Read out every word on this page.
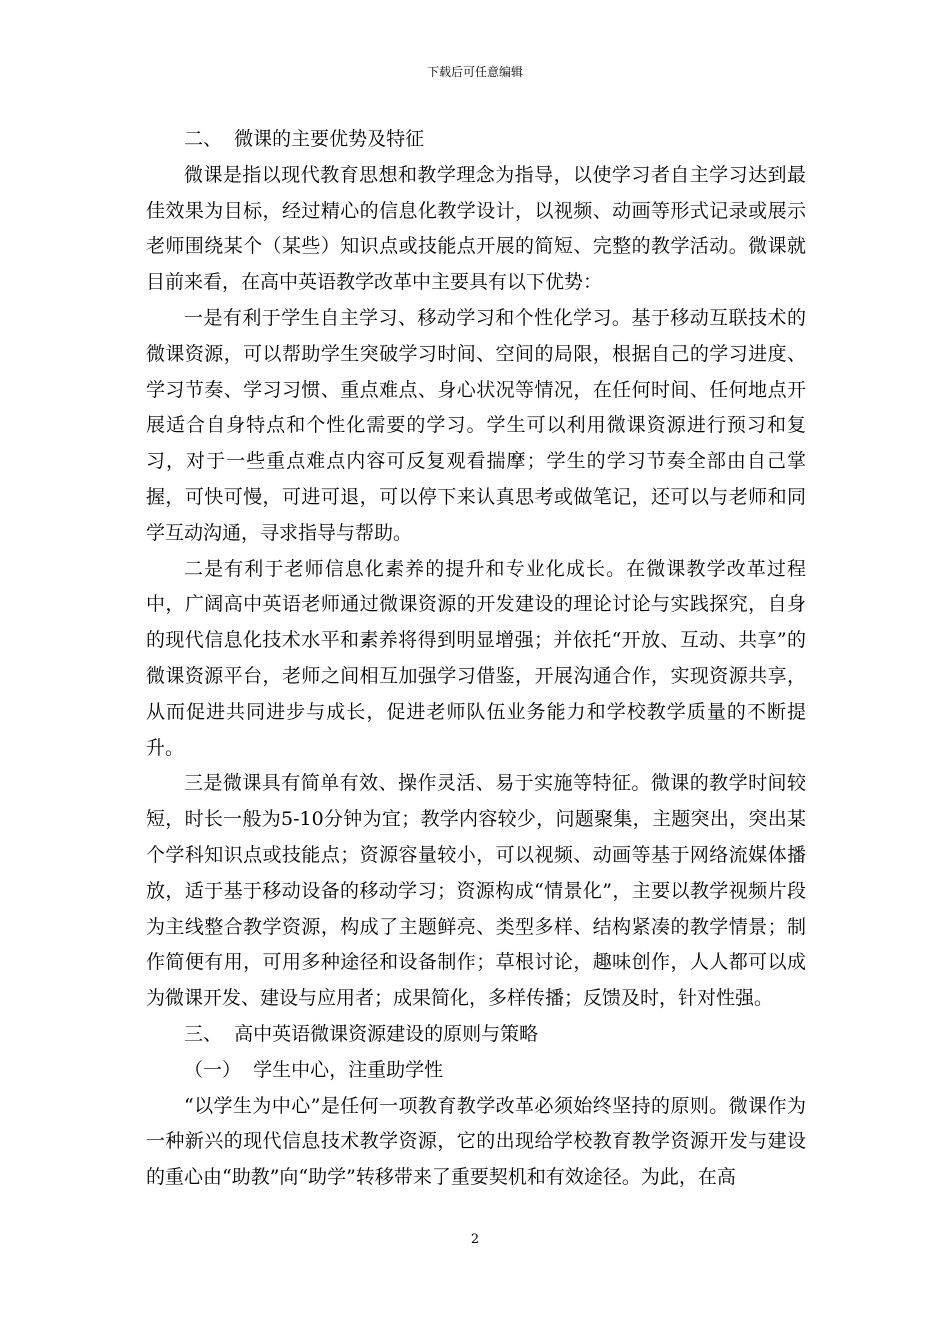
下载后可任意编辑

二、  微课的主要优势及特征

微课是指以现代教育思想和教学理念为指导，以使学习者自主学习达到最佳效果为目标，经过精心的信息化教学设计，以视频、动画等形式记录或展示老师围绕某个（某些）知识点或技能点开展的简短、完整的教学活动。微课就目前来看，在高中英语教学改革中主要具有以下优势：

一是有利于学生自主学习、移动学习和个性化学习。基于移动互联技术的微课资源，可以帮助学生突破学习时间、空间的局限，根据自己的学习进度、学习节奏、学习习惯、重点难点、身心状况等情况，在任何时间、任何地点开展适合自身特点和个性化需要的学习。学生可以利用微课资源进行预习和复习，对于一些重点难点内容可反复观看揣摩；学生的学习节奏全部由自己掌握，可快可慢，可进可退，可以停下来认真思考或做笔记，还可以与老师和同学互动沟通，寻求指导与帮助。

二是有利于老师信息化素养的提升和专业化成长。在微课教学改革过程中，广阔高中英语老师通过微课资源的开发建设的理论讨论与实践探究，自身的现代信息化技术水平和素养将得到明显增强；并依托“开放、互动、共享”的微课资源平台，老师之间相互加强学习借鉴，开展沟通合作，实现资源共享，从而促进共同进步与成长，促进老师队伍业务能力和学校教学质量的不断提升。

三是微课具有简单有效、操作灵活、易于实施等特征。微课的教学时间较短，时长一般为5-10分钟为宜；教学内容较少，问题聚集，主题突出，突出某个学科知识点或技能点；资源容量较小，可以视频、动画等基于网络流媒体播放，适于基于移动设备的移动学习；资源构成“情景化”，主要以教学视频片段为主线整合教学资源，构成了主题鲜亮、类型多样、结构紧凑的教学情景；制作简便有用，可用多种途径和设备制作；草根讨论，趣味创作，人人都可以成为微课开发、建设与应用者；成果简化，多样传播；反馈及时，针对性强。

三、  高中英语微课资源建设的原则与策略

（一）  学生中心，注重助学性

“以学生为中心”是任何一项教育教学改革必须始终坚持的原则。微课作为一种新兴的现代信息技术教学资源，它的出现给学校教育教学资源开发与建设的重心由“助教”向“助学”转移带来了重要契机和有效途径。为此，在高

2
